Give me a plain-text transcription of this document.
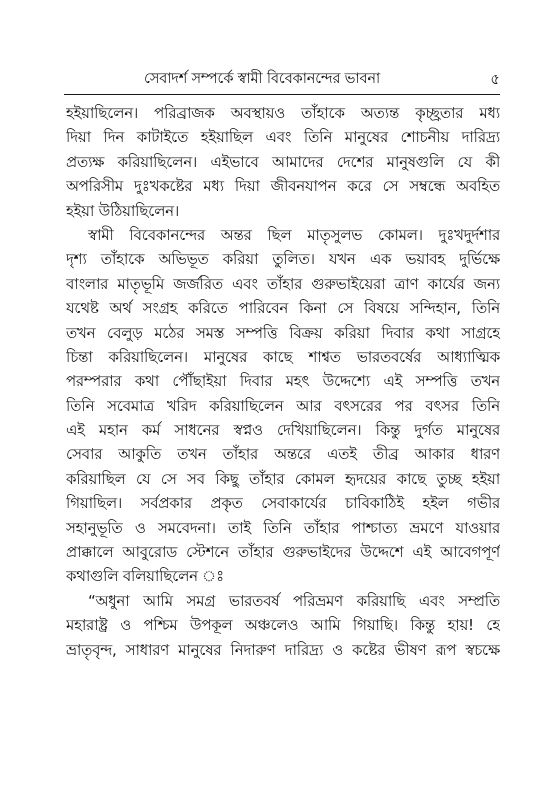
সেবাদর্শ সম্পর্কে স্বামী বিবেকানন্দের ভাবনা	৫
হইয়াছিলেন। পরিব্রাজক অবস্থায়ও তাঁহাকে অত্যন্ত কৃচ্ছ্রতার মধ্য
দিয়া দিন কাটাইতে হইয়াছিল এবং তিনি মানুষের শোচনীয় দারিদ্র্য
প্রত্যক্ষ করিয়াছিলেন। এইভাবে আমাদের দেশের মানুষগুলি যে কী
অপরিসীম দুঃখকষ্টের মধ্য দিয়া জীবনযাপন করে সে সম্বন্ধে অবহিত
হইয়া উঠিয়াছিলেন।
স্বামী বিবেকানন্দের অন্তর ছিল মাতৃসুলভ কোমল। দুঃখদুর্দশার
দৃশ্য তাঁহাকে অভিভূত করিয়া তুলিত। যখন এক ভয়াবহ দুর্ভিক্ষে
বাংলার মাতৃভূমি জর্জরিত এবং তাঁহার গুরুভাইয়েরা ত্রাণ কার্যের জন্য
যথেষ্ট অর্থ সংগ্রহ করিতে পারিবেন কিনা সে বিষয়ে সন্দিহান, তিনি
তখন বেলুড় মঠের সমস্ত সম্পত্তি বিক্রয় করিয়া দিবার কথা সাগ্রহে
চিন্তা করিয়াছিলেন। মানুষের কাছে শাশ্বত ভারতবর্ষের আধ্যাত্মিক
পরম্পরার কথা পৌঁছাইয়া দিবার মহৎ উদ্দেশ্যে এই সম্পত্তি তখন
তিনি সবেমাত্র খরিদ করিয়াছিলেন আর বৎসরের পর বৎসর তিনি
এই মহান কর্ম সাধনের স্বপ্নও দেখিয়াছিলেন। কিন্তু দুর্গত মানুষের
সেবার আকুতি তখন তাঁহার অন্তরে এতই তীব্র আকার ধারণ
করিয়াছিল যে সে সব কিছু তাঁহার কোমল হৃদয়ের কাছে তুচ্ছ হইয়া
গিয়াছিল। সর্বপ্রকার প্রকৃত সেবাকার্যের চাবিকাঠিই হইল গভীর
সহানুভূতি ও সমবেদনা। তাই তিনি তাঁহার পাশ্চাত্য ভ্রমণে যাওয়ার
প্রাক্কালে আবুরোড স্টেশনে তাঁহার গুরুভাইদের উদ্দেশে এই আবেগপূর্ণ
কথাগুলি বলিয়াছিলেন ঃ
“অধুনা আমি সমগ্র ভারতবর্ষ পরিভ্রমণ করিয়াছি এবং সম্প্রতি
মহারাষ্ট্র ও পশ্চিম উপকূল অঞ্চলেও আমি গিয়াছি। কিন্তু হায়! হে
ভ্রাতৃবৃন্দ, সাধারণ মানুষের নিদারুণ দারিদ্র্য ও কষ্টের ভীষণ রূপ স্বচক্ষে
